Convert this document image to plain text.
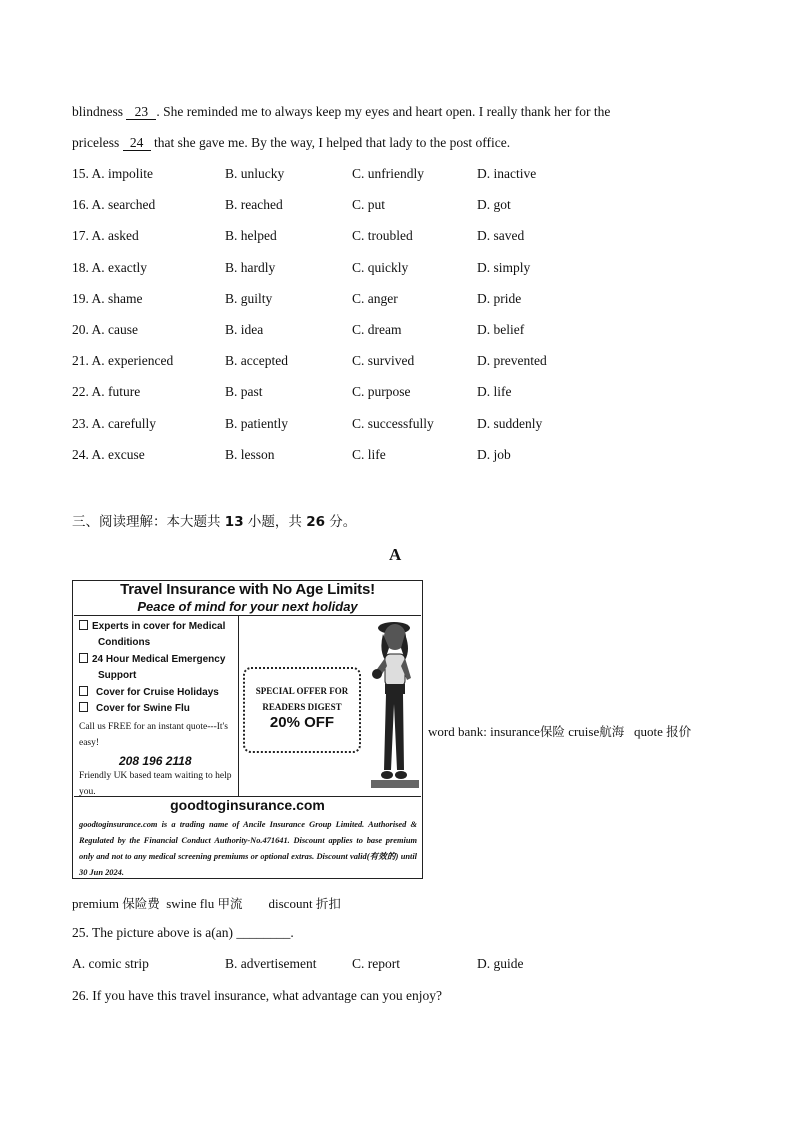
blindness 23 . She reminded me to always keep my eyes and heart open. I really thank her for the
priceless 24 that she gave me. By the way, I helped that lady to the post office.
15. A. impolite	B. unlucky	C. unfriendly	D. inactive
16. A. searched	B. reached	C. put	D. got
17. A. asked	B. helped	C. troubled	D. saved
18. A. exactly	B. hardly	C. quickly	D. simply
19. A. shame	B. guilty	C. anger	D. pride
20. A. cause	B. idea	C. dream	D. belief
21. A. experienced	B. accepted	C. survived	D. prevented
22. A. future	B. past	C. purpose	D. life
23. A. carefully	B. patiently	C. successfully	D. suddenly
24. A. excuse	B. lesson	C. life	D. job
三、阅读理解：本大题共 13 小题，共 26 分。
A
Travel Insurance with No Age Limits!
Peace of mind for your next holiday
Experts in cover for Medical
Conditions
24 Hour Medical Emergency
Support
Cover for Cruise Holidays
Cover for Swine Flu
Call us FREE for an instant quote---It's easy!
208 196 2118
Friendly UK based team waiting to help you.
SPECIAL OFFER FOR
READERS DIGEST
20% OFF
goodtoginsurance.com
goodtoginsurance.com is a trading name of Ancile Insurance Group Limited. Authorised & Regulated by the Financial Conduct Authority-No.471641. Discount applies to base premium only and not to any medical screening premiums or optional extras. Discount valid(有效的) until 30 Jun 2024.
word bank: insurance保险 cruise航海 quote 报价
premium 保险费 swine flu 甲流 discount 折扣
25. The picture above is a(an) ________.
A. comic strip	B. advertisement	C. report	D. guide
26. If you have this travel insurance, what advantage can you enjoy?
